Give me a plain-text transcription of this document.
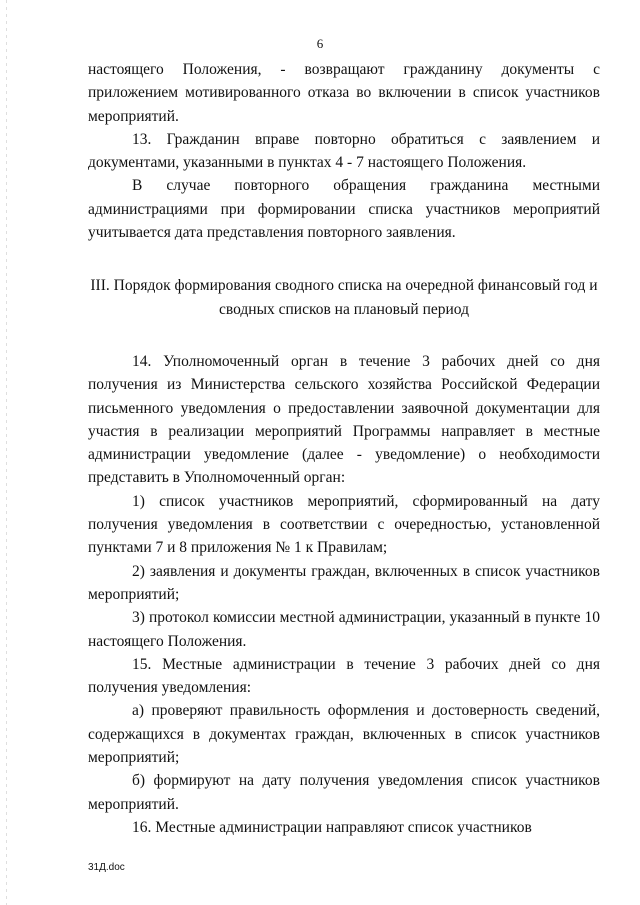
6

настоящего Положения, - возвращают гражданину документы с приложением мотивированного отказа во включении в список участников мероприятий.

13. Гражданин вправе повторно обратиться с заявлением и документами, указанными в пунктах 4 - 7 настоящего Положения.

В случае повторного обращения гражданина местными администрациями при формировании списка участников мероприятий учитывается дата представления повторного заявления.

III. Порядок формирования сводного списка на очередной финансовый год и сводных списков на плановый период

14. Уполномоченный орган в течение 3 рабочих дней со дня получения из Министерства сельского хозяйства Российской Федерации письменного уведомления о предоставлении заявочной документации для участия в реализации мероприятий Программы направляет в местные администрации уведомление (далее - уведомление) о необходимости представить в Уполномоченный орган:

1) список участников мероприятий, сформированный на дату получения уведомления в соответствии с очередностью, установленной пунктами 7 и 8 приложения № 1 к Правилам;

2) заявления и документы граждан, включенных в список участников мероприятий;

3) протокол комиссии местной администрации, указанный в пункте 10 настоящего Положения.

15. Местные администрации в течение 3 рабочих дней со дня получения уведомления:

а) проверяют правильность оформления и достоверность сведений, содержащихся в документах граждан, включенных в список участников мероприятий;

б) формируют на дату получения уведомления список участников мероприятий.

16. Местные администрации направляют список участников

31Д.doc
